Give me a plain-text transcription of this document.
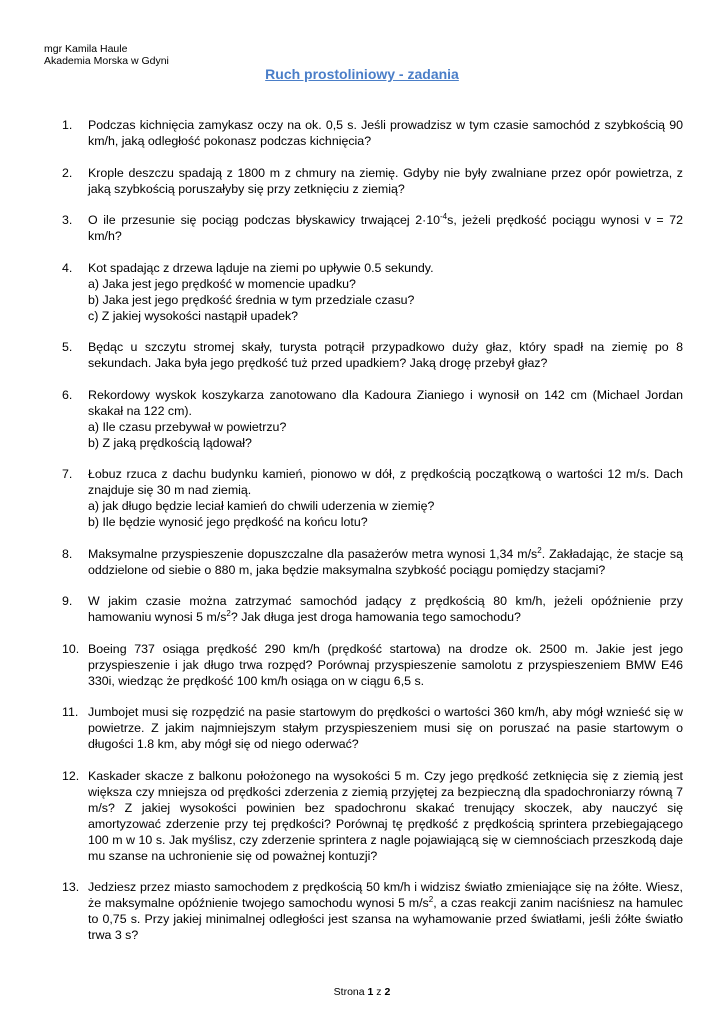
mgr Kamila Haule
Akademia Morska w Gdyni
Ruch prostoliniowy - zadania
1. Podczas kichnięcia zamykasz oczy na ok. 0,5 s. Jeśli prowadzisz w tym czasie samochód z szybkością 90 km/h, jaką odległość pokonasz podczas kichnięcia?
2. Krople deszczu spadają z 1800 m z chmury na ziemię. Gdyby nie były zwalniane przez opór powietrza, z jaką szybkością poruszałyby się przy zetknięciu z ziemią?
3. O ile przesunie się pociąg podczas błyskawicy trwającej $2\cdot 10^{-4}s$, jeżeli prędkość pociągu wynosi v = 72 km/h?
4. Kot spadając z drzewa ląduje na ziemi po upływie 0.5 sekundy.
a) Jaka jest jego prędkość w momencie upadku?
b) Jaka jest jego prędkość średnia w tym przedziale czasu?
c) Z jakiej wysokości nastąpił upadek?
5. Będąc u szczytu stromej skały, turysta potrącił przypadkowo duży głaz, który spadł na ziemię po 8 sekundach. Jaka była jego prędkość tuż przed upadkiem? Jaką drogę przebył głaz?
6. Rekordowy wyskok koszykarza zanotowano dla Kadoura Zianiego i wynosił on 142 cm (Michael Jordan skakał na 122 cm).
a) Ile czasu przebywał w powietrzu?
b) Z jaką prędkością lądował?
7. Łobuz rzuca z dachu budynku kamień, pionowo w dół, z prędkością początkową o wartości 12 m/s. Dach znajduje się 30 m nad ziemią.
a) jak długo będzie leciał kamień do chwili uderzenia w ziemię?
b) Ile będzie wynosić jego prędkość na końcu lotu?
8. Maksymalne przyspieszenie dopuszczalne dla pasażerów metra wynosi 1,34 $m/s^2$. Zakładając, że stacje są oddzielone od siebie o 880 m, jaka będzie maksymalna szybkość pociągu pomiędzy stacjami?
9. W jakim czasie można zatrzymać samochód jadący z prędkością 80 km/h, jeżeli opóźnienie przy hamowaniu wynosi 5 $m/s^2$? Jak długa jest droga hamowania tego samochodu?
10. Boeing 737 osiąga prędkość 290 km/h (prędkość startowa) na drodze ok. 2500 m. Jakie jest jego przyspieszenie i jak długo trwa rozpęd? Porównaj przyspieszenie samolotu z przyspieszeniem BMW E46 330i, wiedząc że prędkość 100 km/h osiąga on w ciągu 6,5 s.
11. Jumbojet musi się rozpędzić na pasie startowym do prędkości o wartości 360 km/h, aby mógł wznieść się w powietrze. Z jakim najmniejszym stałym przyspieszeniem musi się on poruszać na pasie startowym o długości 1.8 km, aby mógł się od niego oderwać?
12. Kaskader skacze z balkonu położonego na wysokości 5 m. Czy jego prędkość zetknięcia się z ziemią jest większa czy mniejsza od prędkości zderzenia z ziemią przyjętej za bezpieczną dla spadochroniarzy równą 7 m/s? Z jakiej wysokości powinien bez spadochronu skakać trenujący skoczek, aby nauczyć się amortyzować zderzenie przy tej prędkości? Porównaj tę prędkość z prędkością sprintera przebiegającego 100 m w 10 s. Jak myślisz, czy zderzenie sprintera z nagle pojawiającą się w ciemnościach przeszkodą daje mu szanse na uchronienie się od poważnej kontuzji?
13. Jedziesz przez miasto samochodem z prędkością 50 km/h i widzisz światło zmieniające się na żółte. Wiesz, że maksymalne opóźnienie twojego samochodu wynosi 5 $m/s^2$, a czas reakcji zanim naciśniesz na hamulec to 0,75 s. Przy jakiej minimalnej odległości jest szansa na wyhamowanie przed światłami, jeśli żółte światło trwa 3 s?
Strona 1 z 2
